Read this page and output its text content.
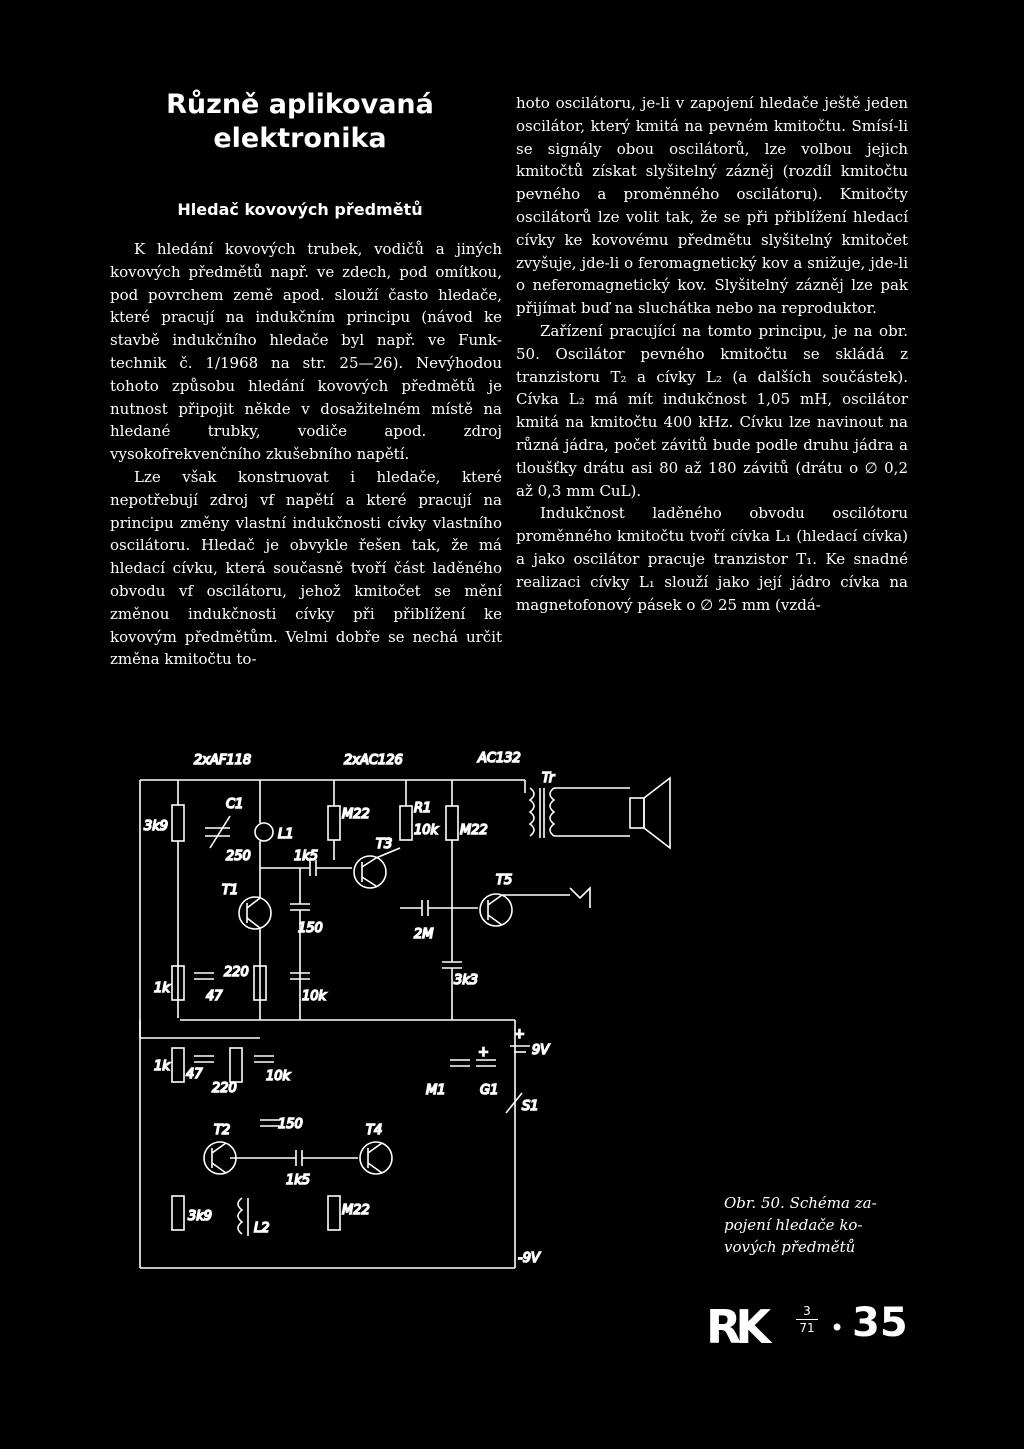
Různě aplikovaná
elektronika
Hledač kovových předmětů

K hledání kovových trubek, vodičů a jiných kovových předmětů např. ve zdech, pod omítkou, pod povrchem země apod. slouží často hledače, které pracují na indukčním principu (návod ke stavbě indukčního hledače byl např. ve Funktechnik č. 1/1968 na str. 25—26). Nevýhodou tohoto způsobu hledání kovových předmětů je nutnost připojit někde v dosažitelném místě na hledané trubky, vodiče apod. zdroj vysokofrekvenčního zkušebního napětí.

Lze však konstruovat i hledače, které nepotřebují zdroj vf napětí a které pracují na principu změny vlastní indukčnosti cívky vlastního oscilátoru. Hledač je obvykle řešen tak, že má hledací cívku, která současně tvoří část laděného obvodu vf oscilátoru, jehož kmitočet se mění změnou indukčnosti cívky při přiblížení ke kovovým předmětům. Velmi dobře se nechá určit změna kmitočtu to-

hoto oscilátoru, je-li v zapojení hledače ještě jeden oscilátor, který kmitá na pevném kmitočtu. Smísí-li se signály obou oscilátorů, lze volbou jejich kmitočtů získat slyšitelný zázněj (rozdíl kmitočtu pevného a proměnného oscilátoru). Kmitočty oscilátorů lze volit tak, že se při přiblížení hledací cívky ke kovovému předmětu slyšitelný kmitočet zvyšuje, jde-li o feromagnetický kov a snižuje, jde-li o neferomagnetický kov. Slyšitelný zázněj lze pak přijímat buď na sluchátka nebo na reproduktor.

Zařízení pracující na tomto principu, je na obr. 50. Oscilátor pevného kmitočtu se skládá z tranzistoru T₂ a cívky L₂ (a dalších součástek). Cívka L₂ má mít indukčnost 1,05 mH, oscilátor kmitá na kmitočtu 400 kHz. Cívku lze navinout na různá jádra, počet závitů bude podle druhu jádra a tloušťky drátu asi 80 až 180 závitů (drátu o ∅ 0,2 až 0,3 mm CuL).

Indukčnost laděného obvodu oscilótoru proměnného kmitočtu tvoří cívka L₁ (hledací cívka) a jako oscilátor pracuje tranzistor T₁. Ke snadné realizaci cívky L₁ slouží jako její jádro cívka na magnetofonový pásek o ∅ 25 mm (vzdá-

2xAF118	2xAC126	AC132
3k9
C1
L1
250
M22	R1
10k M22
Tr
T3
1k5
T1
T5
150	2M
1k
220
47	10k
3k3
1k
47
220
10k
9V
M1	G1
S1
T2	150	T4
1k5
3k9
L2
M22
-9V
+
+
Obr. 50. Schéma za-
pojení hledače ko-
vových předmětů
RK	3
71 • 35
